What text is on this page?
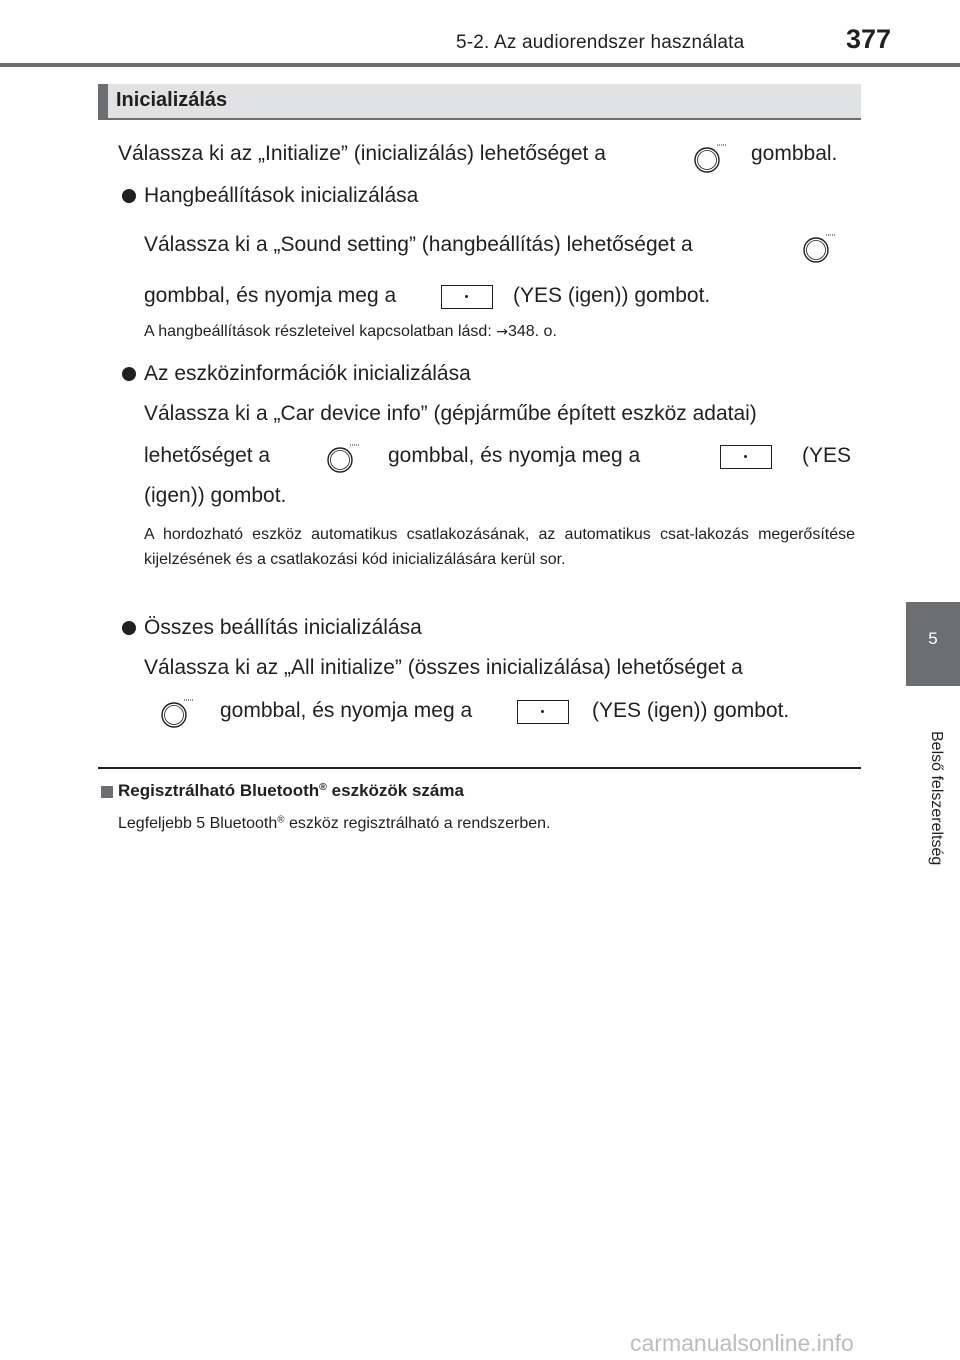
5-2. Az audiorendszer használata	377
5
Belső felszereltség
Inicializálás
Válassza ki az „Initialize” (inicializálás) lehetőséget a	gombbal.
Hangbeállítások inicializálása
Válassza ki a „Sound setting” (hangbeállítás) lehetőséget a
gombbal, és nyomja meg a	(YES (igen)) gombot.
A hangbeállítások részleteivel kapcsolatban lásd: →348. o.
Az eszközinformációk inicializálása
Válassza ki a „Car device info” (gépjárműbe épített eszköz adatai)
lehetőséget a	gombbal, és nyomja meg a	(YES
(igen)) gombot.
A hordozható eszköz automatikus csatlakozásának, az automatikus csat-lakozás megerősítése kijelzésének és a csatlakozási kód inicializálására kerül sor.
Összes beállítás inicializálása
Válassza ki az „All initialize” (összes inicializálása) lehetőséget a
gombbal, és nyomja meg a	(YES (igen)) gombot.
Regisztrálható Bluetooth® eszközök száma
Legfeljebb 5 Bluetooth® eszköz regisztrálható a rendszerben.
carmanualsonline.info
